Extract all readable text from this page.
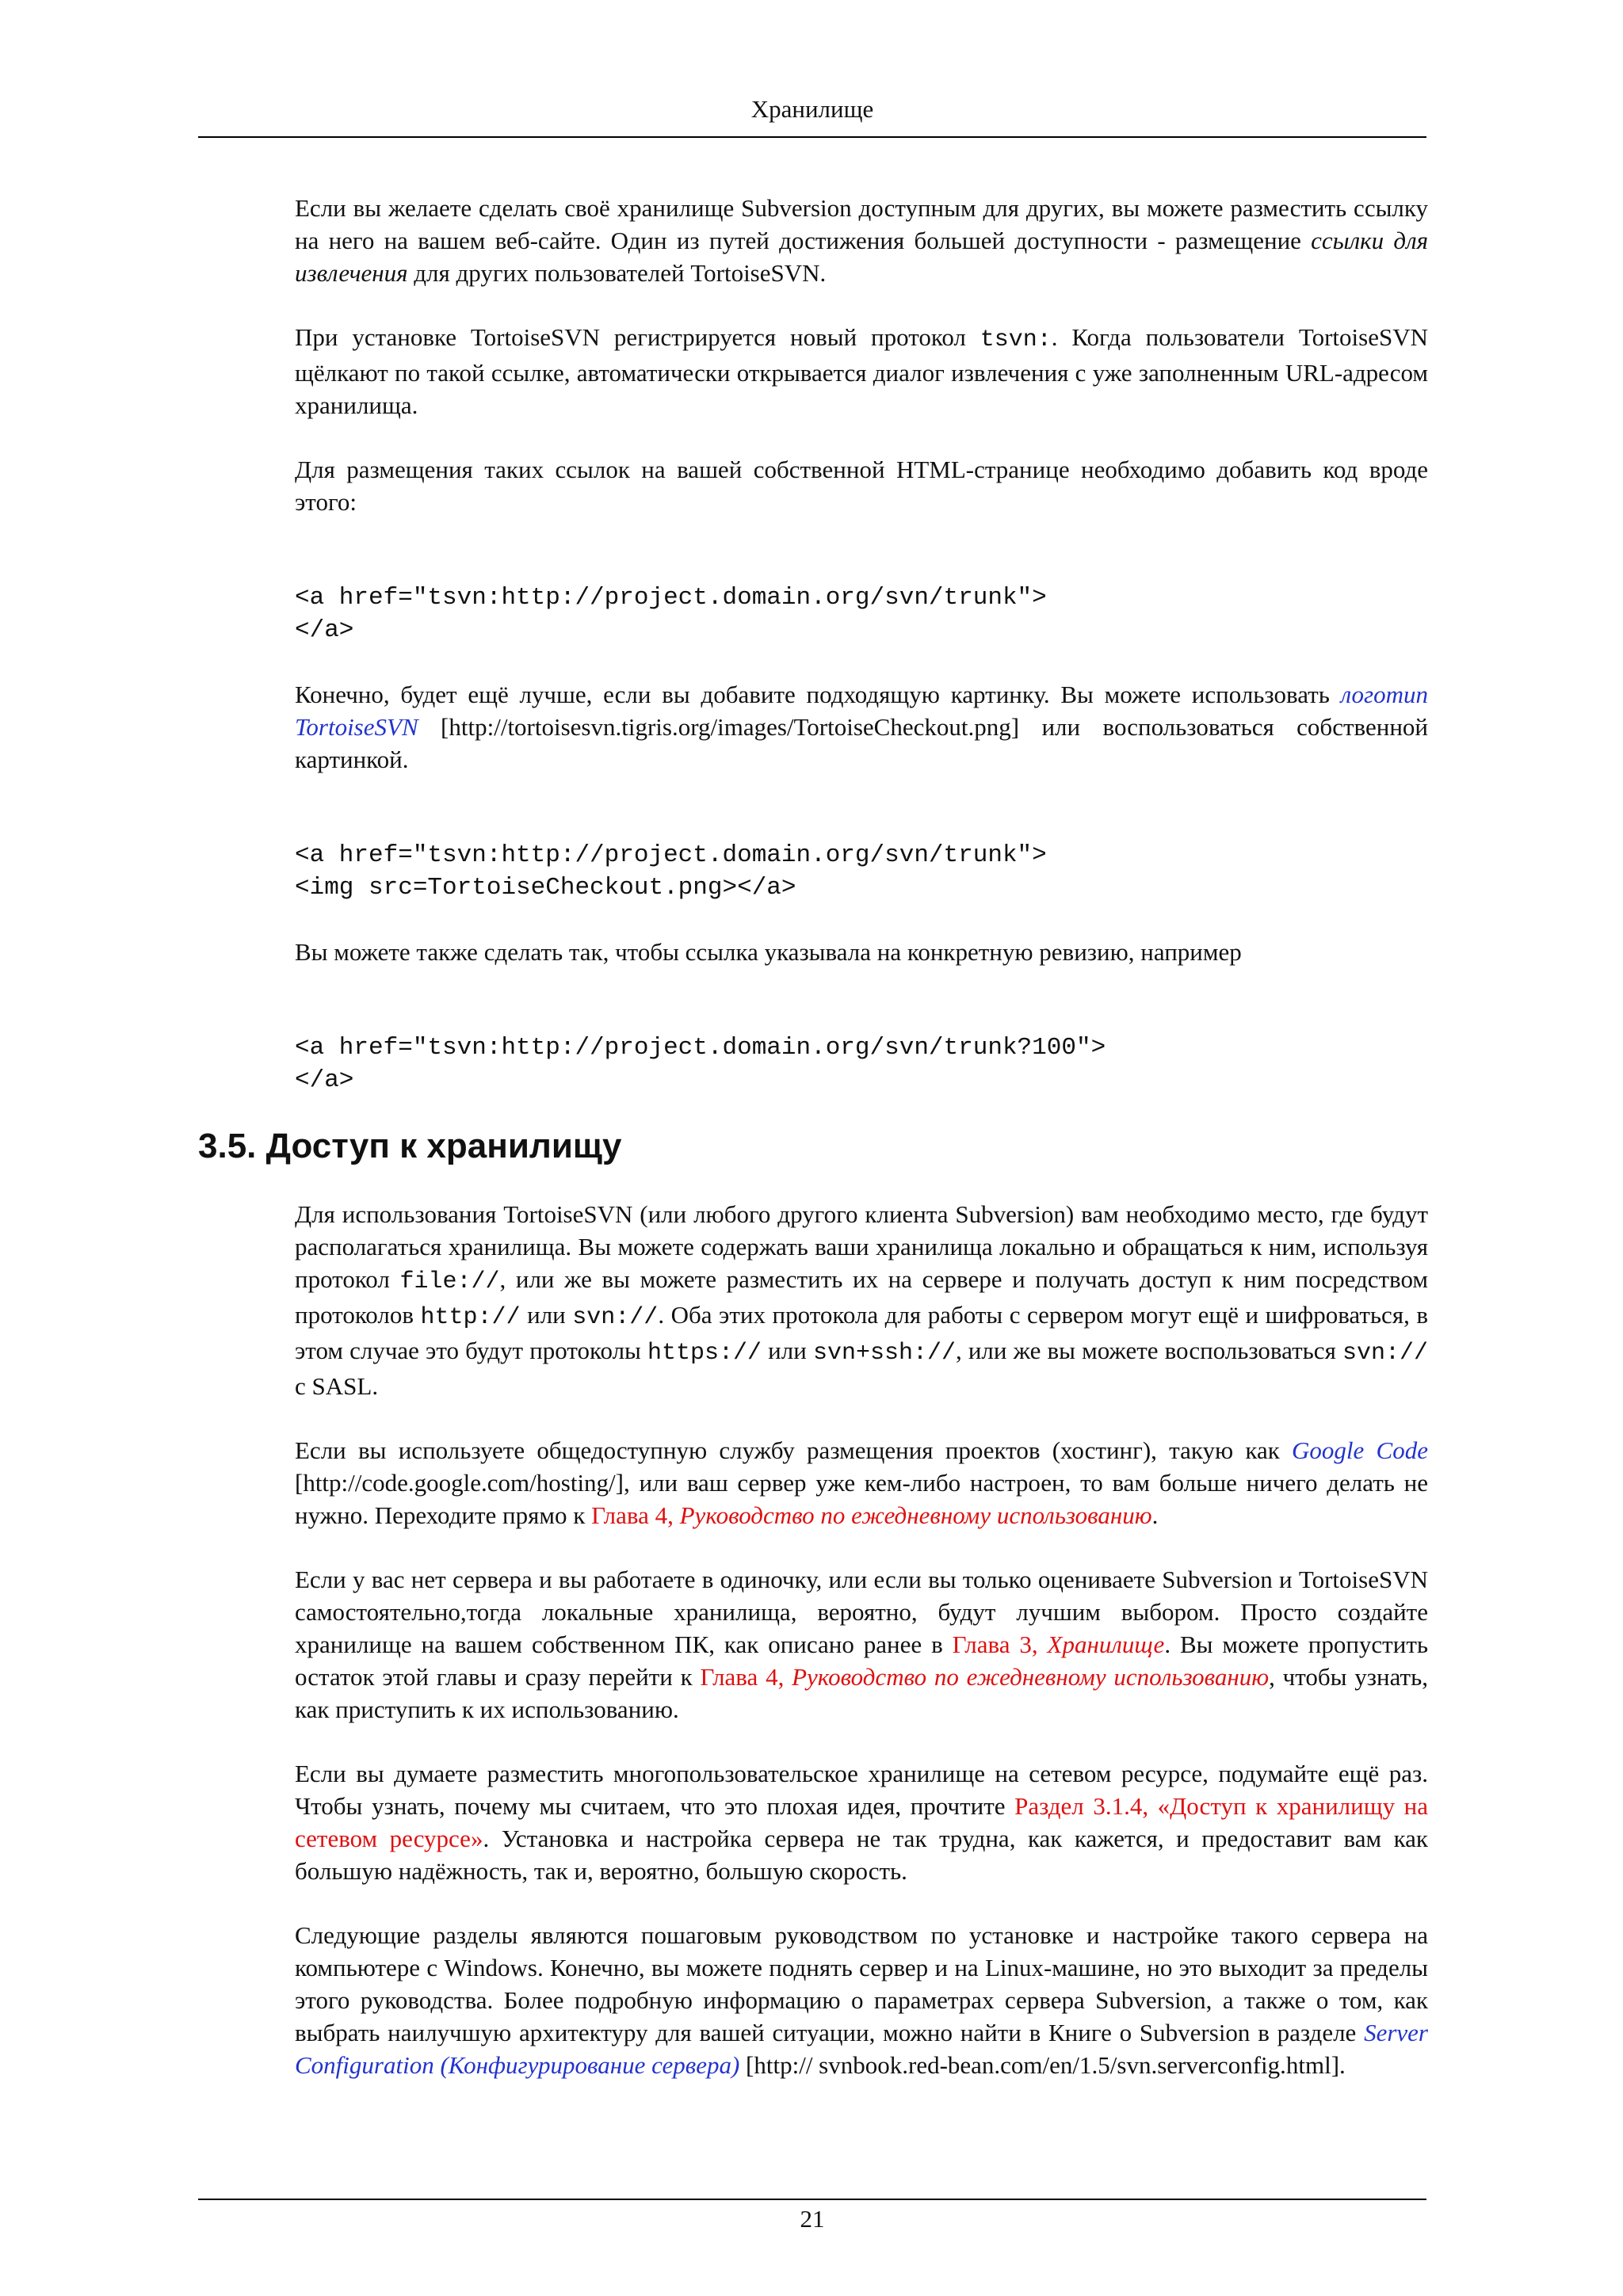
Хранилище

Если вы желаете сделать своё хранилище Subversion доступным для других, вы можете разместить ссылку на него на вашем веб-сайте. Один из путей достижения большей доступности - размещение ссылки для извлечения для других пользователей TortoiseSVN.

При установке TortoiseSVN регистрируется новый протокол tsvn:. Когда пользователи TortoiseSVN щёлкают по такой ссылке, автоматически открывается диалог извлечения с уже заполненным URL-адресом хранилища.

Для размещения таких ссылок на вашей собственной HTML-странице необходимо добавить код вроде этого:

<a href="tsvn:http://project.domain.org/svn/trunk">
</a>

Конечно, будет ещё лучше, если вы добавите подходящую картинку. Вы можете использовать логотип TortoiseSVN [http://tortoisesvn.tigris.org/images/TortoiseCheckout.png] или воспользоваться собственной картинкой.

<a href="tsvn:http://project.domain.org/svn/trunk">
<img src=TortoiseCheckout.png></a>

Вы можете также сделать так, чтобы ссылка указывала на конкретную ревизию, например

<a href="tsvn:http://project.domain.org/svn/trunk?100">
</a>
3.5. Доступ к хранилищу

Для использования TortoiseSVN (или любого другого клиента Subversion) вам необходимо место, где будут располагаться хранилища. Вы можете содержать ваши хранилища локально и обращаться к ним, используя протокол file://, или же вы можете разместить их на сервере и получать доступ к ним посредством протоколов http:// или svn://. Оба этих протокола для работы с сервером могут ещё и шифроваться, в этом случае это будут протоколы https:// или svn+ssh://, или же вы можете воспользоваться svn:// с SASL.

Если вы используете общедоступную службу размещения проектов (хостинг), такую как Google Code [http://code.google.com/hosting/], или ваш сервер уже кем-либо настроен, то вам больше ничего делать не нужно. Переходите прямо к Глава 4, Руководство по ежедневному использованию.

Если у вас нет сервера и вы работаете в одиночку, или если вы только оцениваете Subversion и TortoiseSVN самостоятельно,тогда локальные хранилища, вероятно, будут лучшим выбором. Просто создайте хранилище на вашем собственном ПК, как описано ранее в Глава 3, Хранилище. Вы можете пропустить остаток этой главы и сразу перейти к Глава 4, Руководство по ежедневному использованию, чтобы узнать, как приступить к их использованию.

Если вы думаете разместить многопользовательское хранилище на сетевом ресурсе, подумайте ещё раз. Чтобы узнать, почему мы считаем, что это плохая идея, прочтите Раздел 3.1.4, «Доступ к хранилищу на сетевом ресурсе». Установка и настройка сервера не так трудна, как кажется, и предоставит вам как большую надёжность, так и, вероятно, большую скорость.

Следующие разделы являются пошаговым руководством по установке и настройке такого сервера на компьютере с Windows. Конечно, вы можете поднять сервер и на Linux-машине, но это выходит за пределы этого руководства. Более подробную информацию о параметрах сервера Subversion, а также о том, как выбрать наилучшую архитектуру для вашей ситуации, можно найти в Книге о Subversion в разделе Server Configuration (Конфигурирование сервера) [http:// svnbook.red-bean.com/en/1.5/svn.serverconfig.html].

21
